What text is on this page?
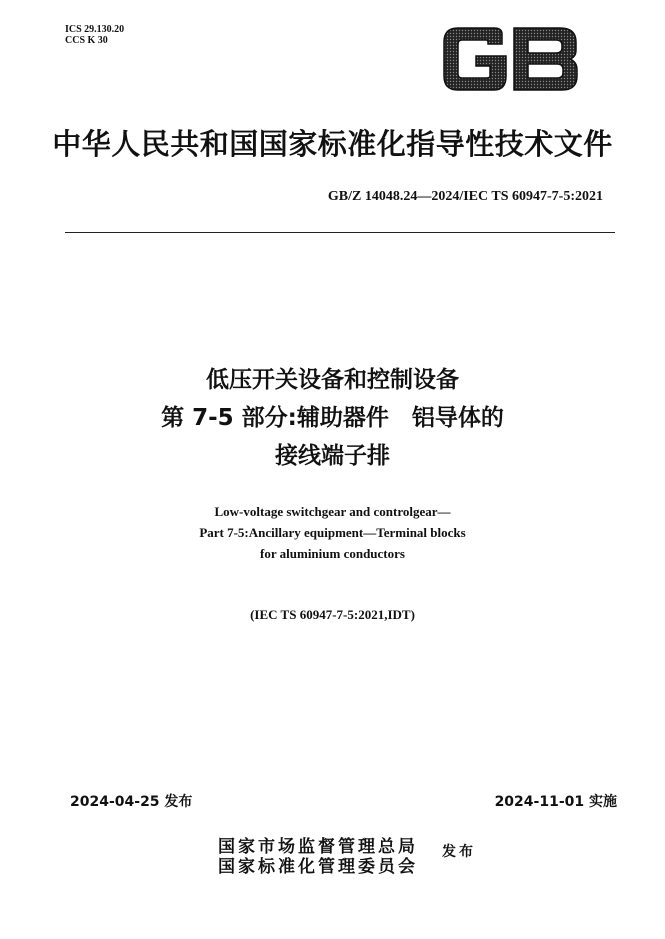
ICS 29.130.20
CCS K 30
中华人民共和国国家标准化指导性技术文件
GB/Z 14048.24—2024/IEC TS 60947-7-5:2021
低压开关设备和控制设备
第 7-5 部分:辅助器件　铝导体的
接线端子排
Low-voltage switchgear and controlgear—
Part 7-5:Ancillary equipment—Terminal blocks
for aluminium conductors
(IEC TS 60947-7-5:2021,IDT)
2024-04-25 发布	2024-11-01 实施
国家市场监督管理总局
国家标准化管理委员会
发布
